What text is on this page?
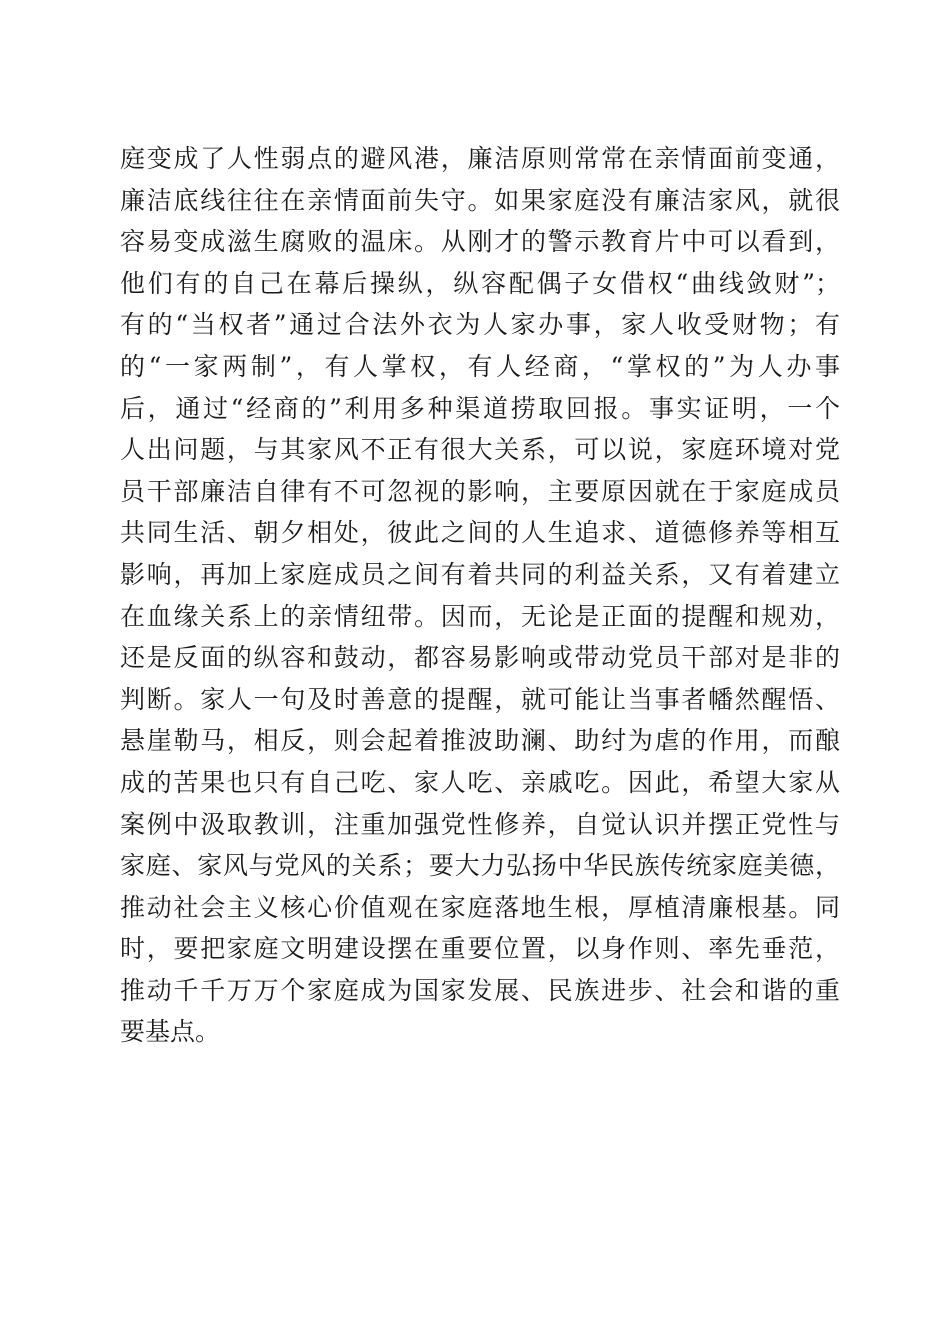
庭变成了人性弱点的避风港，廉洁原则常常在亲情面前变通，
廉洁底线往往在亲情面前失守。如果家庭没有廉洁家风，就很
容易变成滋生腐败的温床。从刚才的警示教育片中可以看到，
他们有的自己在幕后操纵，纵容配偶子女借权“曲线敛财”；
有的“当权者”通过合法外衣为人家办事，家人收受财物；有
的“一家两制”，有人掌权，有人经商，“掌权的”为人办事
后，通过“经商的”利用多种渠道捞取回报。事实证明，一个
人出问题，与其家风不正有很大关系，可以说，家庭环境对党
员干部廉洁自律有不可忽视的影响，主要原因就在于家庭成员
共同生活、朝夕相处，彼此之间的人生追求、道德修养等相互
影响，再加上家庭成员之间有着共同的利益关系，又有着建立
在血缘关系上的亲情纽带。因而，无论是正面的提醒和规劝，
还是反面的纵容和鼓动，都容易影响或带动党员干部对是非的
判断。家人一句及时善意的提醒，就可能让当事者幡然醒悟、
悬崖勒马，相反，则会起着推波助澜、助纣为虐的作用，而酿
成的苦果也只有自己吃、家人吃、亲戚吃。因此，希望大家从
案例中汲取教训，注重加强党性修养，自觉认识并摆正党性与
家庭、家风与党风的关系；要大力弘扬中华民族传统家庭美德，
推动社会主义核心价值观在家庭落地生根，厚植清廉根基。同
时，要把家庭文明建设摆在重要位置，以身作则、率先垂范，
推动千千万万个家庭成为国家发展、民族进步、社会和谐的重
要基点。
